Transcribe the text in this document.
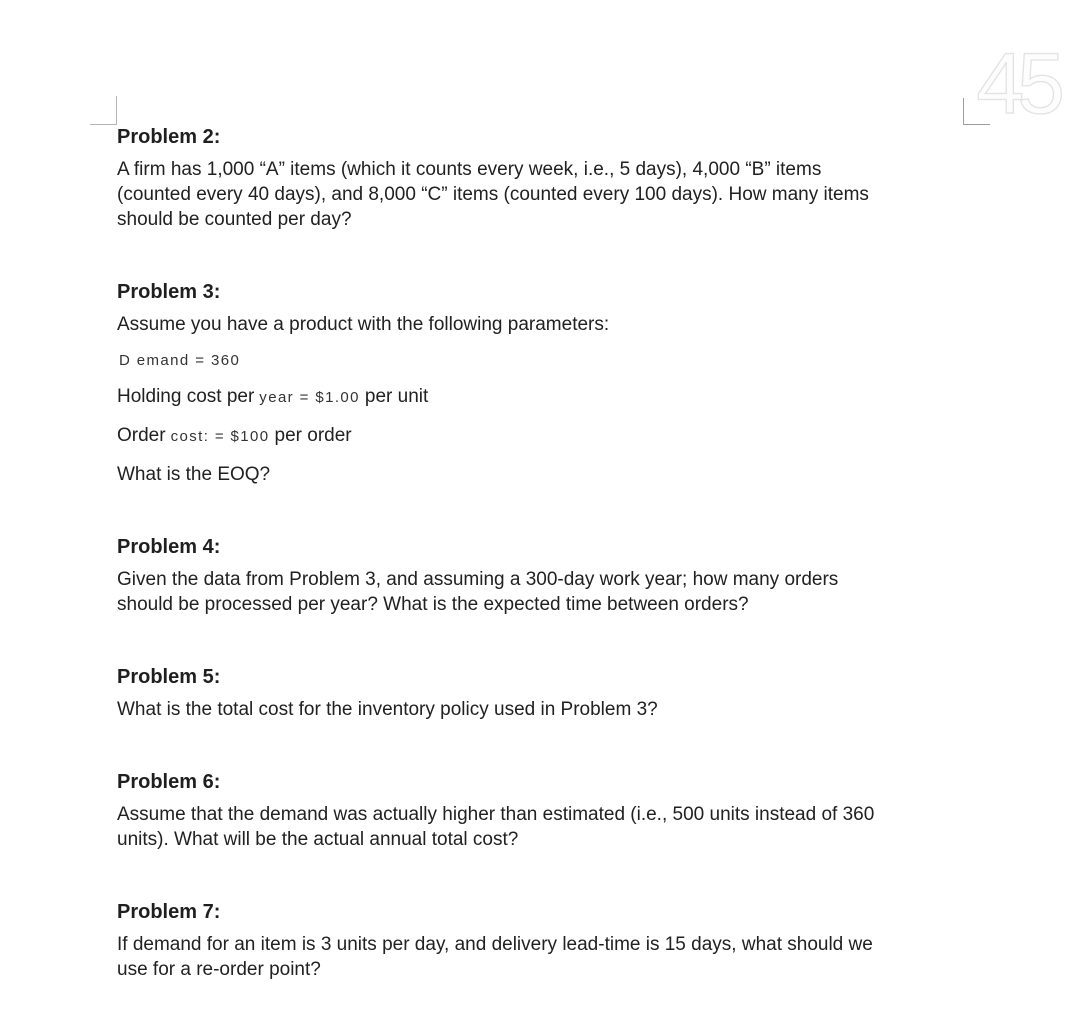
45
Problem 2:

A firm has 1,000 “A” items (which it counts every week, i.e., 5 days), 4,000 “B” items

(counted every 40 days), and 8,000 “C” items (counted every 100 days). How many items

should be counted per day?

Problem 3:

Assume you have a product with the following parameters:

D emand = 360

Holding cost per year = $1.00 per unit

Order cost: = $100 per order

What is the EOQ?

Problem 4:

Given the data from Problem 3, and assuming a 300-day work year; how many orders

should be processed per year? What is the expected time between orders?

Problem 5:

What is the total cost for the inventory policy used in Problem 3?

Problem 6:

Assume that the demand was actually higher than estimated (i.e., 500 units instead of 360

units). What will be the actual annual total cost?

Problem 7:

If demand for an item is 3 units per day, and delivery lead-time is 15 days, what should we

use for a re-order point?
